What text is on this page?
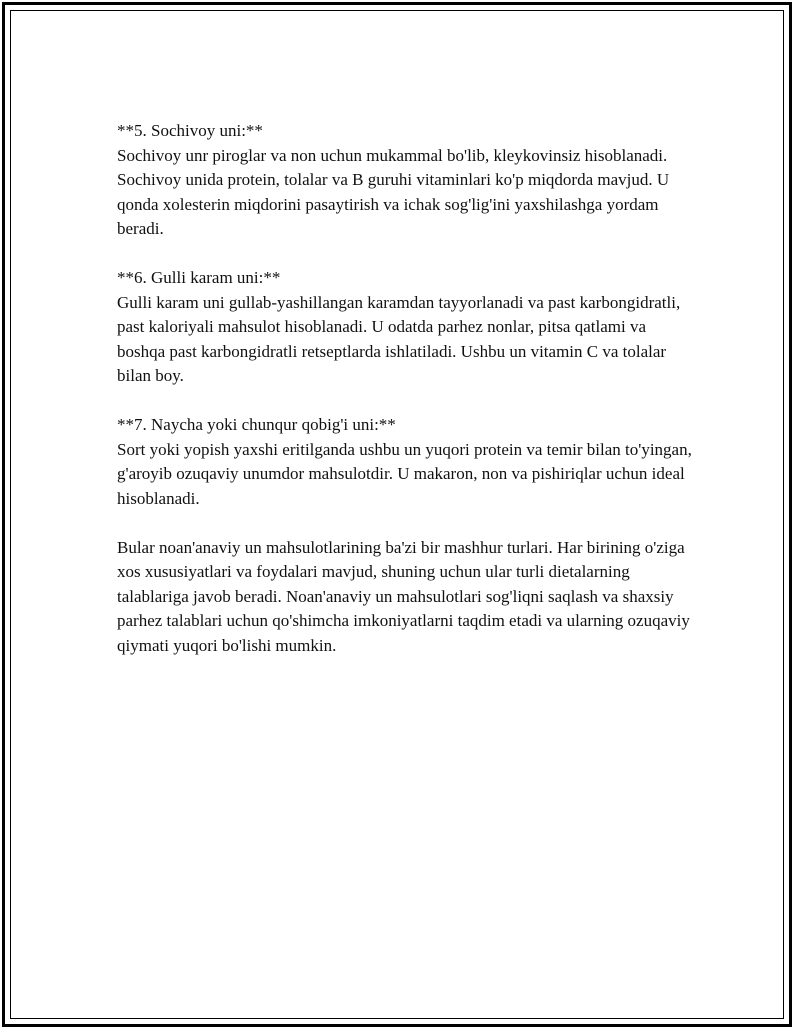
**5. Sochivoy uni:**
Sochivoy unr piroglar va non uchun mukammal bo'lib, kleykovinsiz hisoblanadi. Sochivoy unida protein, tolalar va B guruhi vitaminlari ko'p miqdorda mavjud. U qonda xolesterin miqdorini pasaytirish va ichak sog'lig'ini yaxshilashga yordam beradi.
**6. Gulli karam uni:**
Gulli karam uni gullab-yashillangan karamdan tayyorlanadi va past karbongidratli, past kaloriyali mahsulot hisoblanadi. U odatda parhez nonlar, pitsa qatlami va boshqa past karbongidratli retseptlarda ishlatiladi. Ushbu un vitamin C va tolalar bilan boy.
**7. Naycha yoki chunqur qobig'i uni:**
Sort yoki yopish yaxshi eritilganda ushbu un yuqori protein va temir bilan to'yingan, g'aroyib ozuqaviy unumdor mahsulotdir. U makaron, non va pishiriqlar uchun ideal hisoblanadi.
Bular noan'anaviy un mahsulotlarining ba'zi bir mashhur turlari. Har birining o'ziga xos xususiyatlari va foydalari mavjud, shuning uchun ular turli dietalarning talablariga javob beradi. Noan'anaviy un mahsulotlari sog'liqni saqlash va shaxsiy parhez talablari uchun qo'shimcha imkoniyatlarni taqdim etadi va ularning ozuqaviy qiymati yuqori bo'lishi mumkin.
